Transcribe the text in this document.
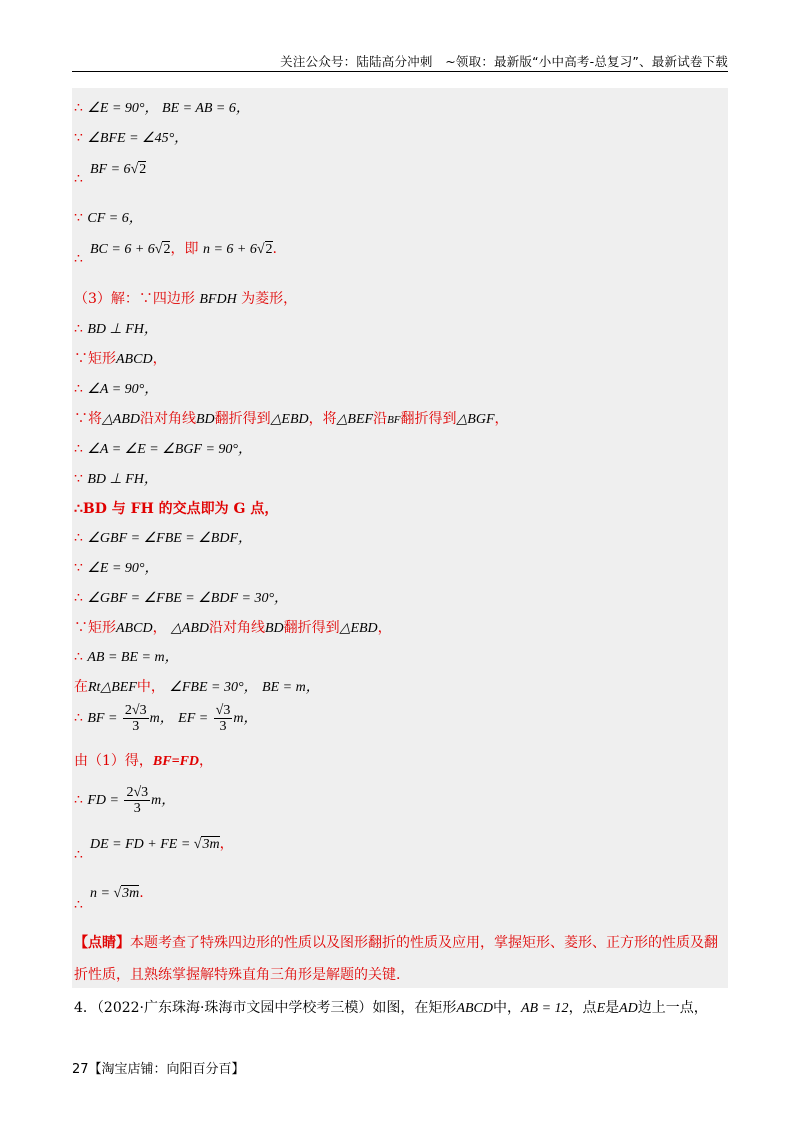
关注公众号：陆陆高分冲刺　~领取：最新版“小中高考-总复习”、最新试卷下载
∴ ∠E = 90°， BE = AB = 6，
∵ ∠BFE = ∠45°，
BF = 6√2
∴
∵ CF = 6，
BC = 6 + 6√2，即 n = 6 + 6√2.
∴
（3）解：∵四边形 BFDH 为菱形，
∴ BD ⊥ FH，
∵矩形ABCD，
∴ ∠A = 90°，
∵将△ABD沿对角线BD翻折得到△EBD，将△BEF沿BF翻折得到△BGF，
∴ ∠A = ∠E = ∠BGF = 90°，
∵ BD ⊥ FH，
∴BD 与 FH 的交点即为 G 点，
∴ ∠GBF = ∠FBE = ∠BDF，
∵ ∠E = 90°，
∴ ∠GBF = ∠FBE = ∠BDF = 30°，
∵矩形ABCD， △ABD沿对角线BD翻折得到△EBD，
∴ AB = BE = m，
在Rt△BEF中， ∠FBE = 30°， BE = m，
∴ BF = $\frac{2√3}{3}$ m， EF = $\frac{√3}{3}$ m，
由（1）得，BF=FD，
∴ FD = $\frac{2√3}{3}$ m，
DE = FD + FE = √3m，
∴
n = √3m.
∴
【点睛】本题考查了特殊四边形的性质以及图形翻折的性质及应用，掌握矩形、菱形、正方形的性质及翻
折性质，且熟练掌握解特殊直角三角形是解题的关键.
4．（2022·广东珠海·珠海市文园中学校考三模）如图，在矩形ABCD中，AB = 12，点E是AD边上一点，
27【淘宝店铺：向阳百分百】
